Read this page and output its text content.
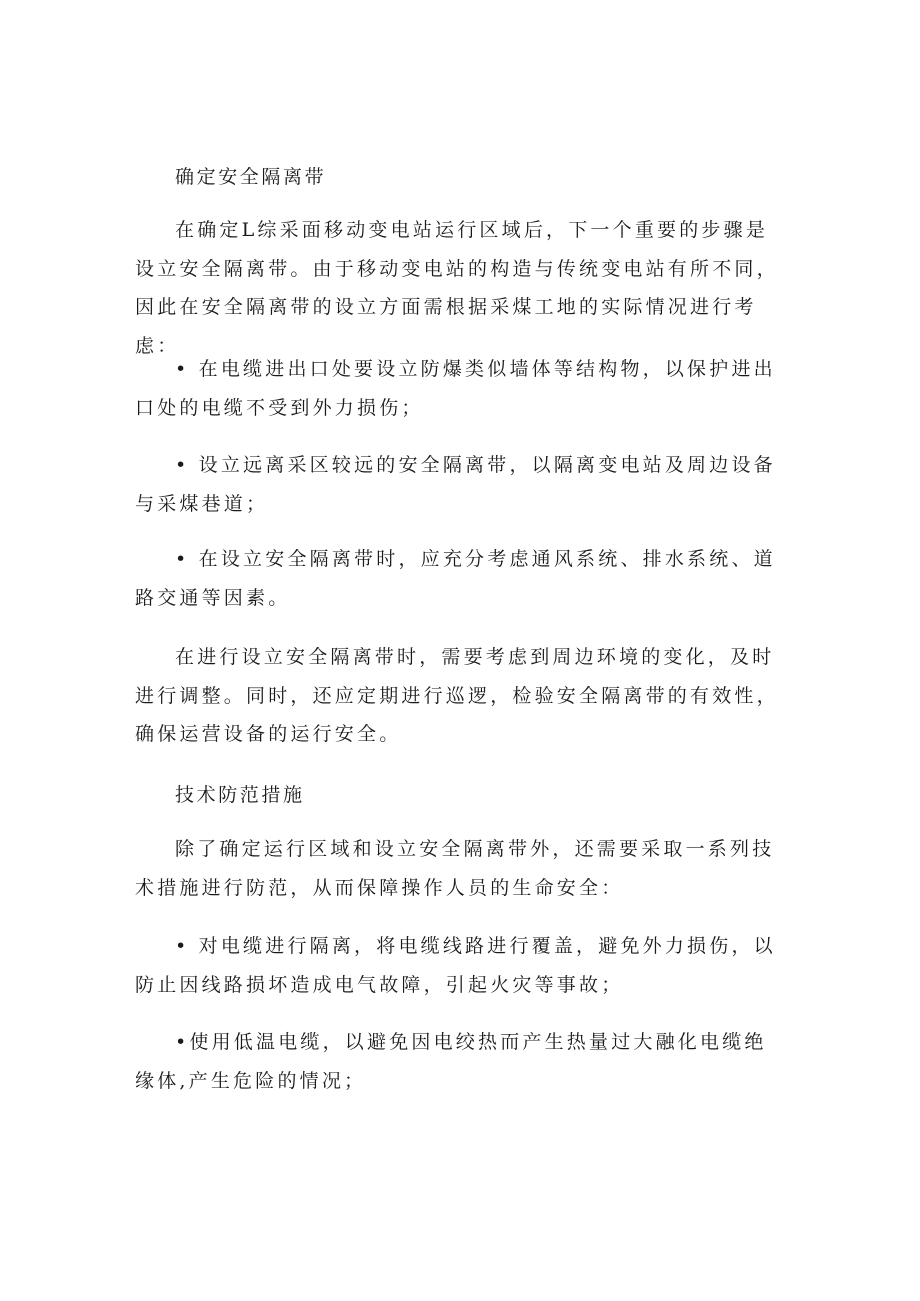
确定安全隔离带

在确定L综采面移动变电站运行区域后，下一个重要的步骤是设立安全隔离带。由于移动变电站的构造与传统变电站有所不同，因此在安全隔离带的设立方面需根据采煤工地的实际情况进行考虑：

• 在电缆进出口处要设立防爆类似墙体等结构物，以保护进出口处的电缆不受到外力损伤；

• 设立远离采区较远的安全隔离带，以隔离变电站及周边设备与采煤巷道；

• 在设立安全隔离带时，应充分考虑通风系统、排水系统、道路交通等因素。

在进行设立安全隔离带时，需要考虑到周边环境的变化，及时进行调整。同时，还应定期进行巡逻，检验安全隔离带的有效性，确保运营设备的运行安全。

技术防范措施

除了确定运行区域和设立安全隔离带外，还需要采取一系列技术措施进行防范，从而保障操作人员的生命安全：

• 对电缆进行隔离，将电缆线路进行覆盖，避免外力损伤，以防止因线路损坏造成电气故障，引起火灾等事故；

•使用低温电缆，以避免因电绞热而产生热量过大融化电缆绝缘体,产生危险的情况；
